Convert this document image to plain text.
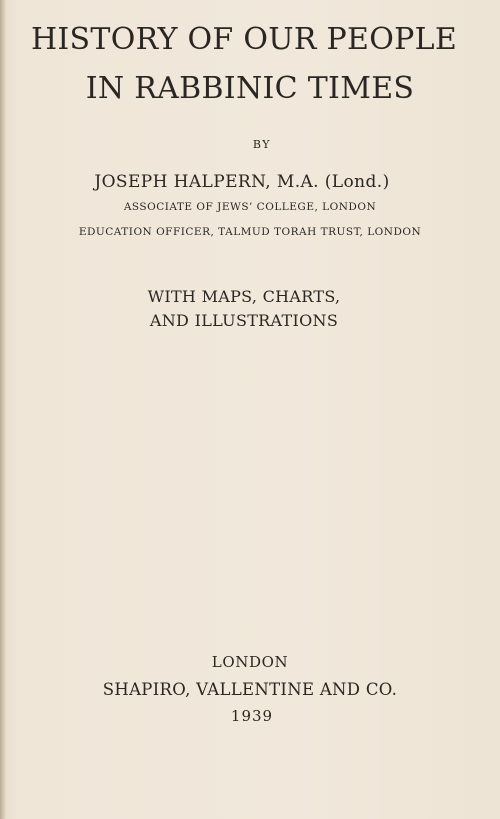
HISTORY OF OUR PEOPLE
IN RABBINIC TIMES
BY
JOSEPH HALPERN, M.A. (Lond.)
ASSOCIATE OF JEWS’ COLLEGE, LONDON
EDUCATION OFFICER, TALMUD TORAH TRUST, LONDON
WITH MAPS, CHARTS,
AND ILLUSTRATIONS
LONDON
SHAPIRO, VALLENTINE AND CO.
1939
